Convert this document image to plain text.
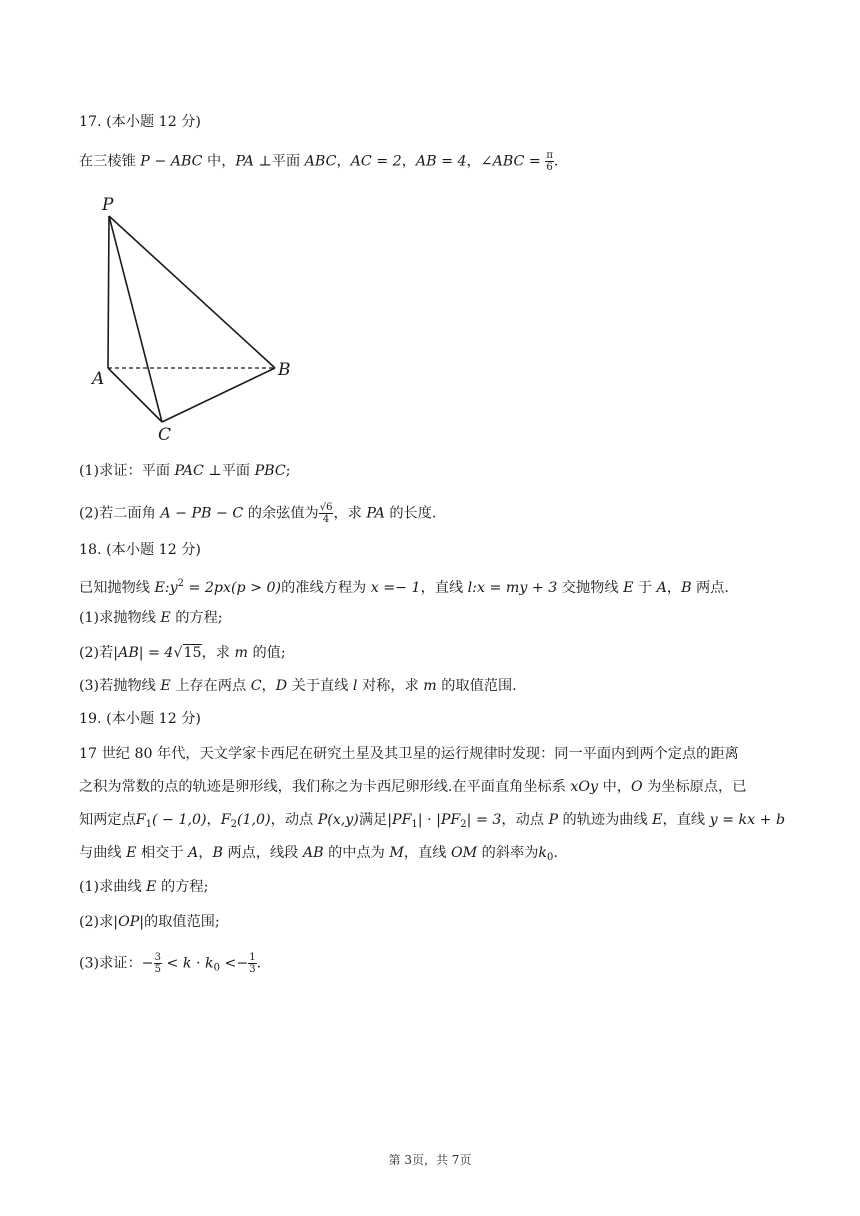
17. (本小题 12 分)
在三棱锥 P − ABC 中，PA ⊥平面 ABC，AC = 2，AB = 4，∠ABC = $\frac{\pi}{6}$ .
P
A	B
C
(1)求证：平面 PAC ⊥平面 PBC;
(2)若二面角 A − PB − C 的余弦值为 $\frac{√6}{4}$ ，求 PA 的长度.
18. (本小题 12 分)
已知抛物线 $E:y^2 = 2px(p > 0)$的准线方程为 x =− 1，直线 l:x = my + 3 交抛物线 E 于 A，B 两点.
(1)求抛物线 E 的方程;
(2)若|AB| = 4√15，求 m 的值;
(3)若抛物线 E 上存在两点 C，D 关于直线 l 对称，求 m 的取值范围.
19. (本小题 12 分)
17 世纪 80 年代，天文学家卡西尼在研究土星及其卫星的运行规律时发现：同一平面内到两个定点的距离
之积为常数的点的轨迹是卵形线，我们称之为卡西尼卵形线.在平面直角坐标系 xOy 中，O 为坐标原点，已
知两定点$F_1( - 1,0)$，$F_2(1,0)$，动点 P(x,y)满足$|PF_1| \cdot |PF_2| = 3$，动点 P 的轨迹为曲线 E，直线 y = kx + b
与曲线 E 相交于 A，B 两点，线段 AB 的中点为 M，直线 OM 的斜率为$k_0$.
(1)求曲线 E 的方程;
(2)求|OP|的取值范围;
(3)求证：− $\frac{3}{5} < k \cdot k_0 <- \frac{1}{3}$ .
第 3页，共 7页
